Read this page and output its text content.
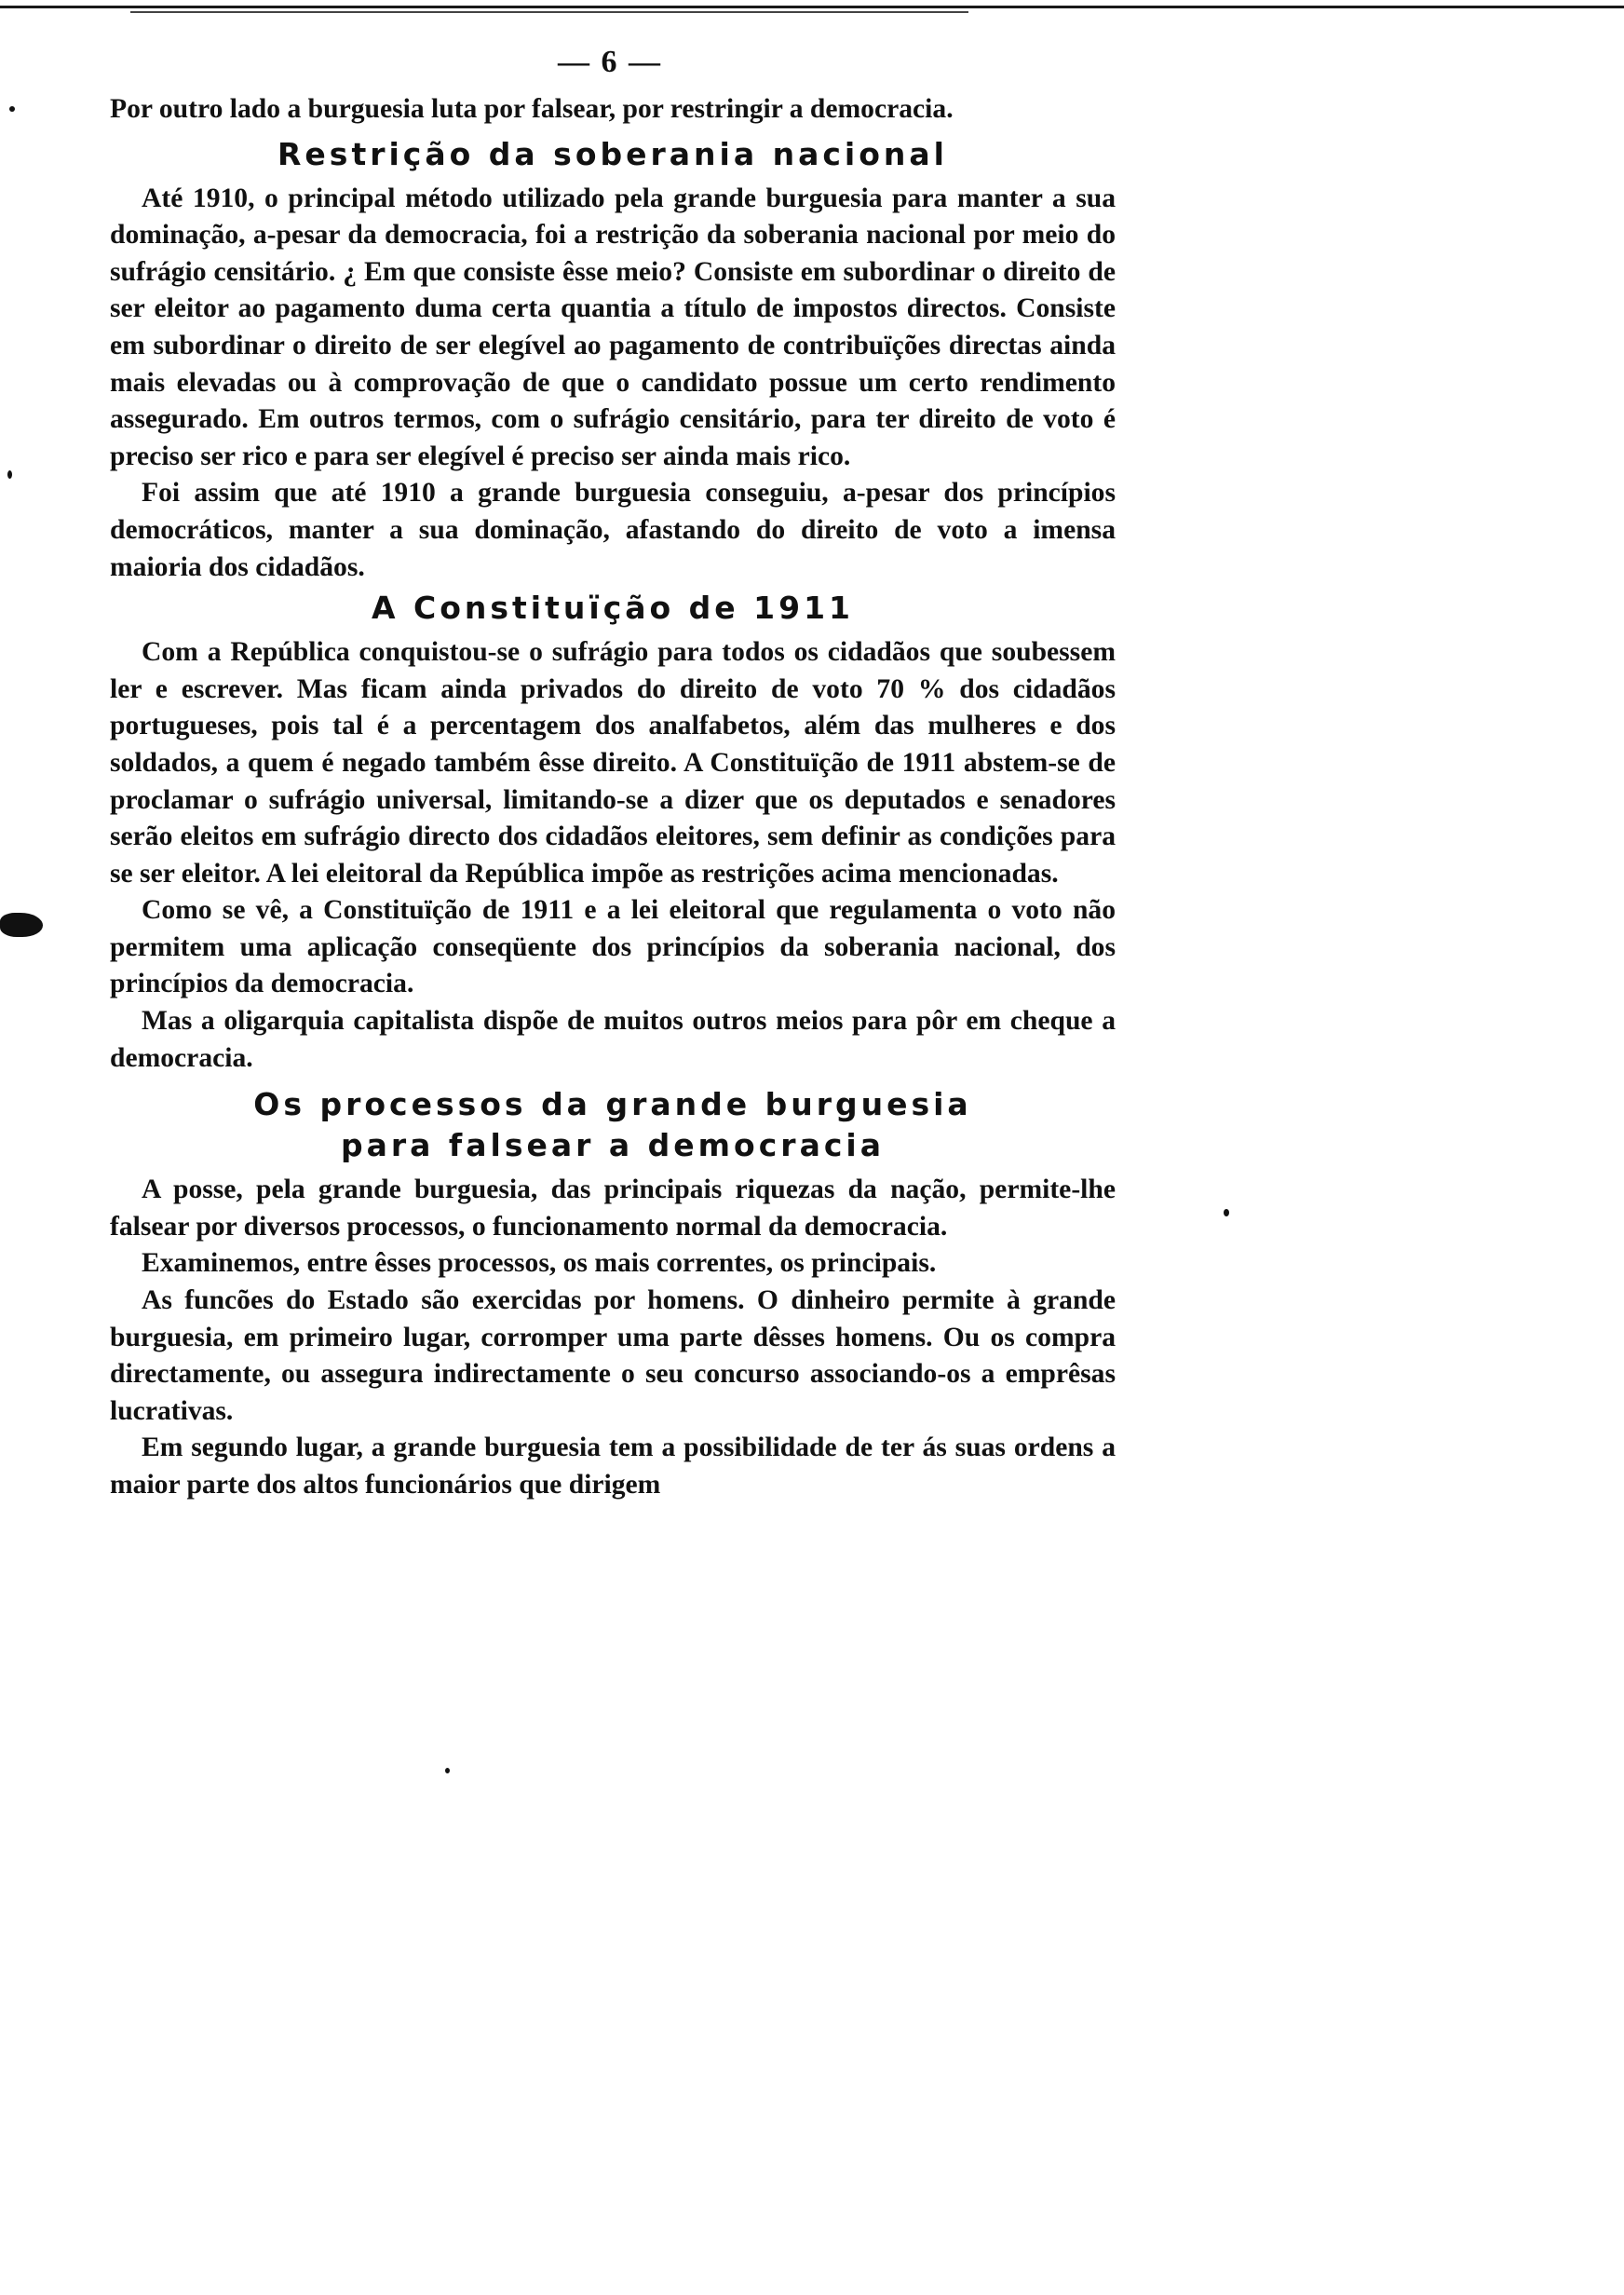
— 6 —

Por outro lado a burguesia luta por falsear, por restringir a democracia.

Restrição da soberania nacional

Até 1910, o principal método utilizado pela grande burguesia para manter a sua dominação, a-pesar da democracia, foi a restrição da soberania nacional por meio do sufrágio censitário. ¿ Em que consiste êsse meio? Consiste em subordinar o direito de ser eleitor ao pagamento duma certa quantia a título de impostos directos. Consiste em subordinar o direito de ser elegível ao pagamento de contribuïções directas ainda mais elevadas ou à comprovação de que o candidato possue um certo rendimento assegurado. Em outros termos, com o sufrágio censitário, para ter direito de voto é preciso ser rico e para ser elegível é preciso ser ainda mais rico.

Foi assim que até 1910 a grande burguesia conseguiu, a-pesar dos princípios democráticos, manter a sua dominação, afastando do direito de voto a imensa maioria dos cidadãos.

A Constituïção de 1911

Com a República conquistou-se o sufrágio para todos os cidadãos que soubessem ler e escrever. Mas ficam ainda privados do direito de voto 70 % dos cidadãos portugueses, pois tal é a percentagem dos analfabetos, além das mulheres e dos soldados, a quem é negado também êsse direito. A Constituïção de 1911 abstem-se de proclamar o sufrágio universal, limitando-se a dizer que os deputados e senadores serão eleitos em sufrágio directo dos cidadãos eleitores, sem definir as condições para se ser eleitor. A lei eleitoral da República impõe as restrições acima mencionadas.

Como se vê, a Constituïção de 1911 e a lei eleitoral que regulamenta o voto não permitem uma aplicação conseqüente dos princípios da soberania nacional, dos princípios da democracia.

Mas a oligarquia capitalista dispõe de muitos outros meios para pôr em cheque a democracia.

Os processos da grande burguesia
para falsear a democracia

A posse, pela grande burguesia, das principais riquezas da nação, permite-lhe falsear por diversos processos, o funcionamento normal da democracia.

Examinemos, entre êsses processos, os mais correntes, os principais.

As funcões do Estado são exercidas por homens. O dinheiro permite à grande burguesia, em primeiro lugar, corromper uma parte dêsses homens. Ou os compra directamente, ou assegura indirectamente o seu concurso associando-os a emprêsas lucrativas.

Em segundo lugar, a grande burguesia tem a possibilidade de ter ás suas ordens a maior parte dos altos funcionários que dirigem
